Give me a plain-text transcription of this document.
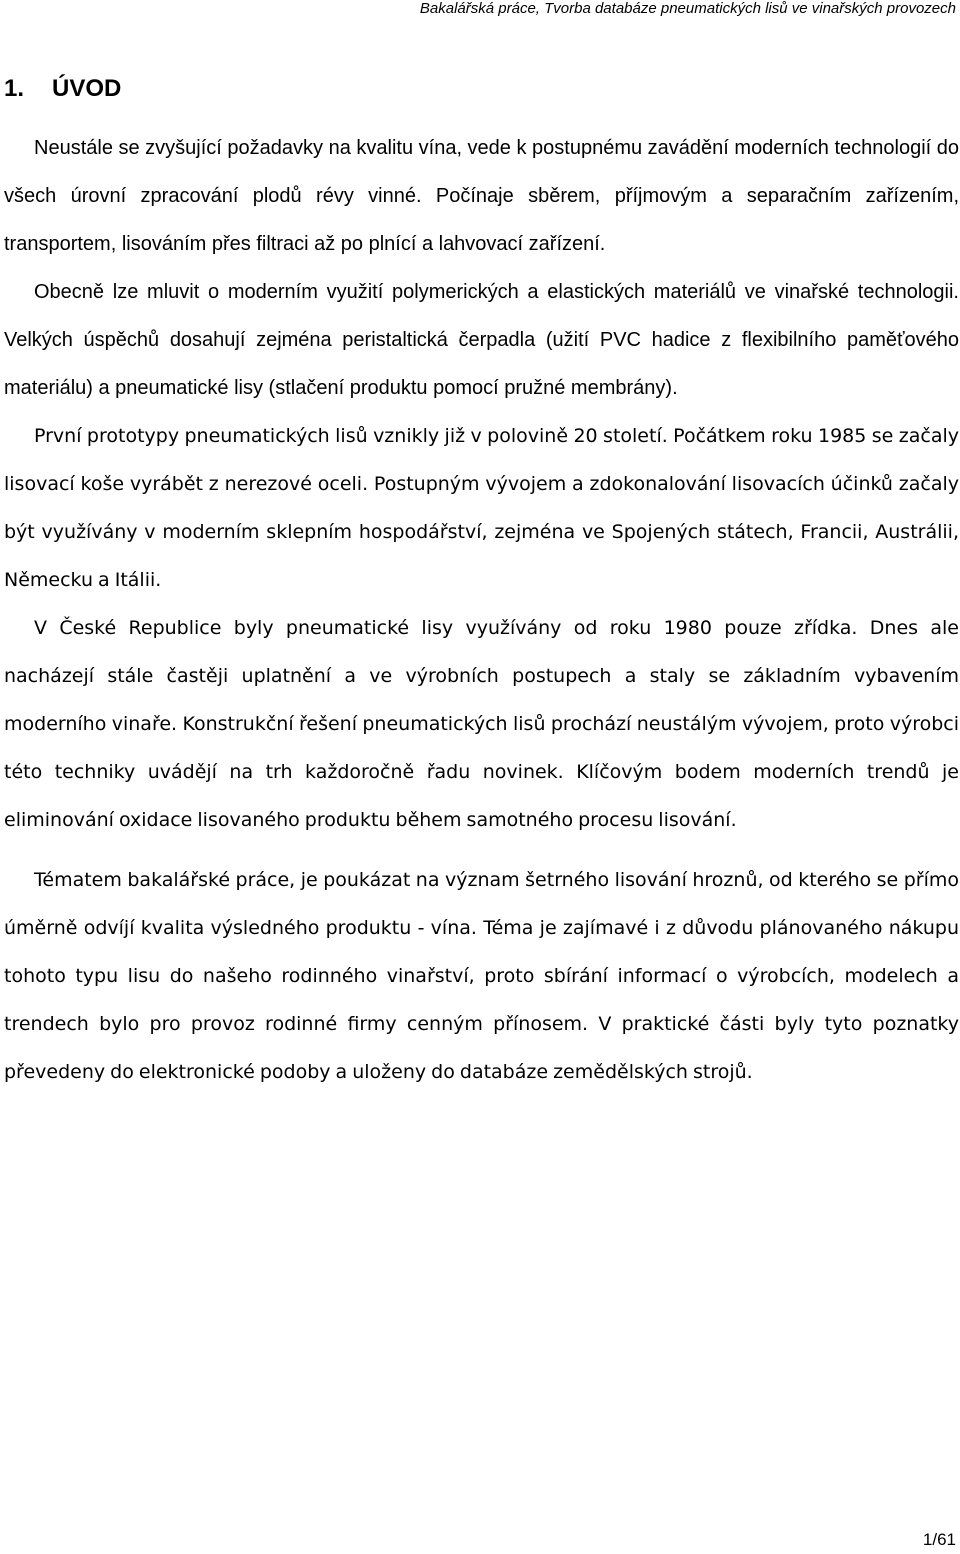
Bakalářská práce, Tvorba databáze pneumatických lisů ve vinařských provozech
1. ÚVOD

Neustále se zvyšující požadavky na kvalitu vína, vede k postupnému zavádění moderních technologií do všech úrovní zpracování plodů révy vinné. Počínaje sběrem, příjmovým a separačním zařízením, transportem, lisováním přes filtraci až po plnící a lahvovací zařízení.

Obecně lze mluvit o moderním využití polymerických a elastických materiálů ve vinařské technologii. Velkých úspěchů dosahují zejména peristaltická čerpadla (užití PVC hadice z flexibilního paměťového materiálu) a pneumatické lisy (stlačení produktu pomocí pružné membrány).

První prototypy pneumatických lisů vznikly již v polovině 20 století. Počátkem roku 1985 se začaly lisovací koše vyrábět z nerezové oceli. Postupným vývojem a zdokonalování lisovacích účinků začaly být využívány v moderním sklepním hospodářství, zejména ve Spojených státech, Francii, Austrálii, Německu a Itálii.

V České Republice byly pneumatické lisy využívány od roku 1980 pouze zřídka. Dnes ale nacházejí stále častěji uplatnění a ve výrobních postupech a staly se základním vybavením moderního vinaře. Konstrukční řešení pneumatických lisů prochází neustálým vývojem, proto výrobci této techniky uvádějí na trh každoročně řadu novinek. Klíčovým bodem moderních trendů je eliminování oxidace lisovaného produktu během samotného procesu lisování.

Tématem bakalářské práce, je poukázat na význam šetrného lisování hroznů, od kterého se přímo úměrně odvíjí kvalita výsledného produktu - vína. Téma je zajímavé i z důvodu plánovaného nákupu tohoto typu lisu do našeho rodinného vinařství, proto sbírání informací o výrobcích, modelech a trendech bylo pro provoz rodinné firmy cenným přínosem. V praktické části byly tyto poznatky převedeny do elektronické podoby a uloženy do databáze zemědělských strojů.

1/61
